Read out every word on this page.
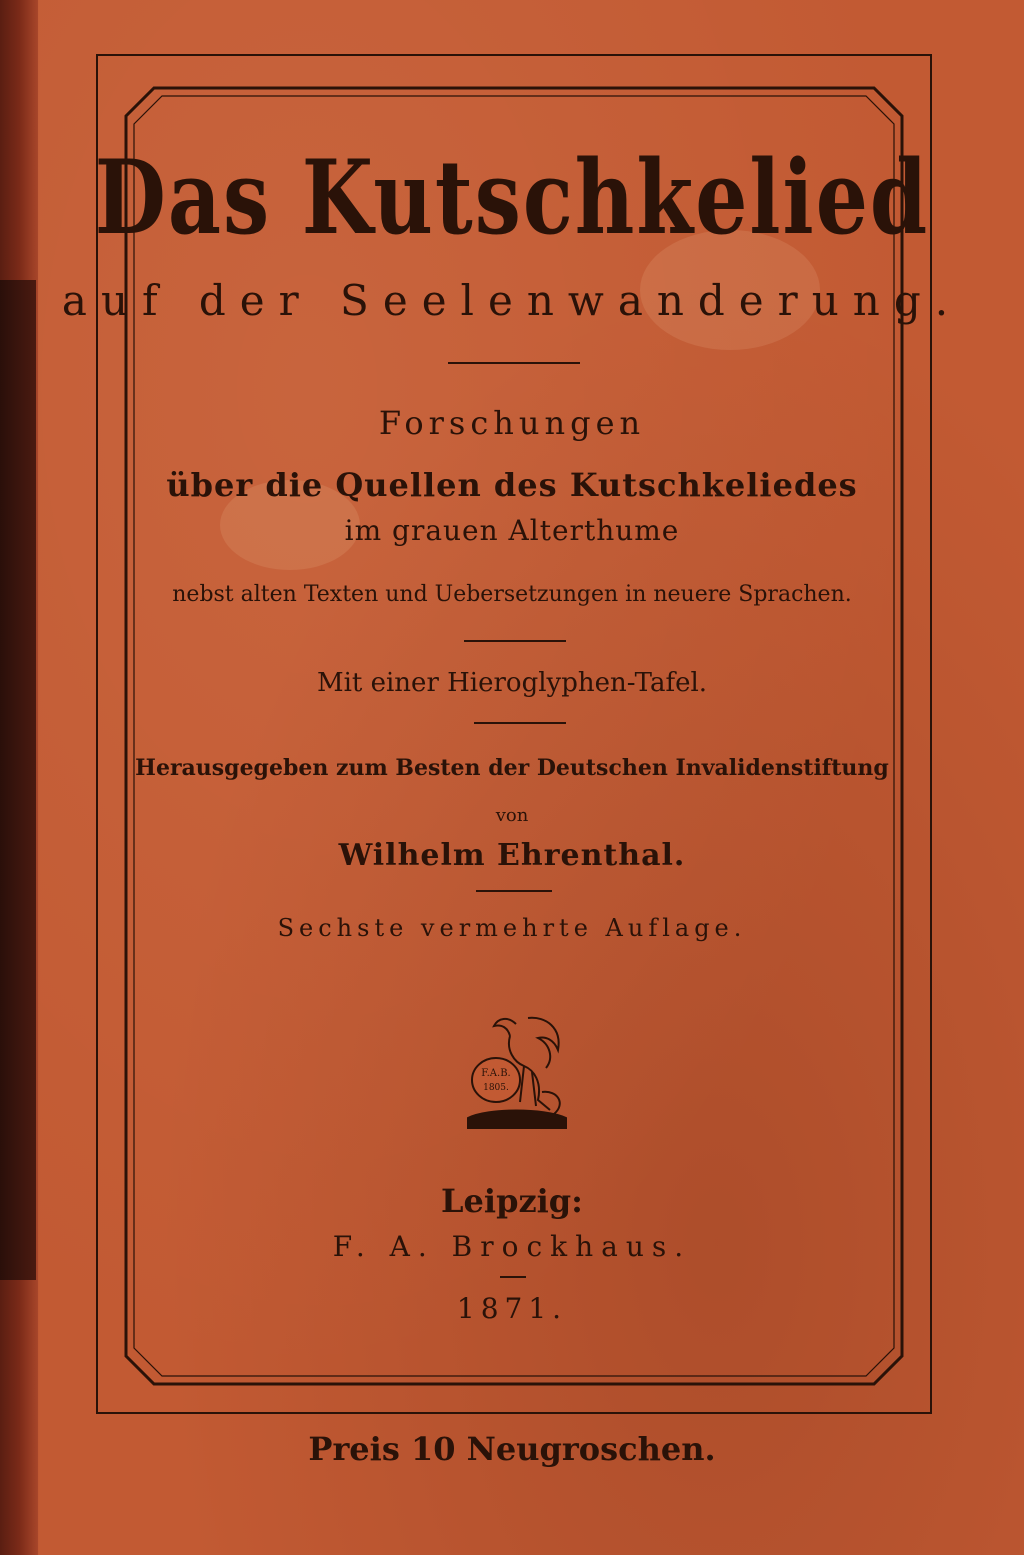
Das Kutschkelied
auf der Seelenwanderung.
Forschungen
über die Quellen des Kutschkeliedes
im grauen Alterthume
nebst alten Texten und Uebersetzungen in neuere Sprachen.
Mit einer Hieroglyphen-Tafel.
Herausgegeben zum Besten der Deutschen Invalidenstiftung
von
Wilhelm Ehrenthal.
Sechste vermehrte Auflage.
F.A.B.
1805.
Leipzig:
F. A. Brockhaus.
1871.
Preis 10 Neugroschen.
